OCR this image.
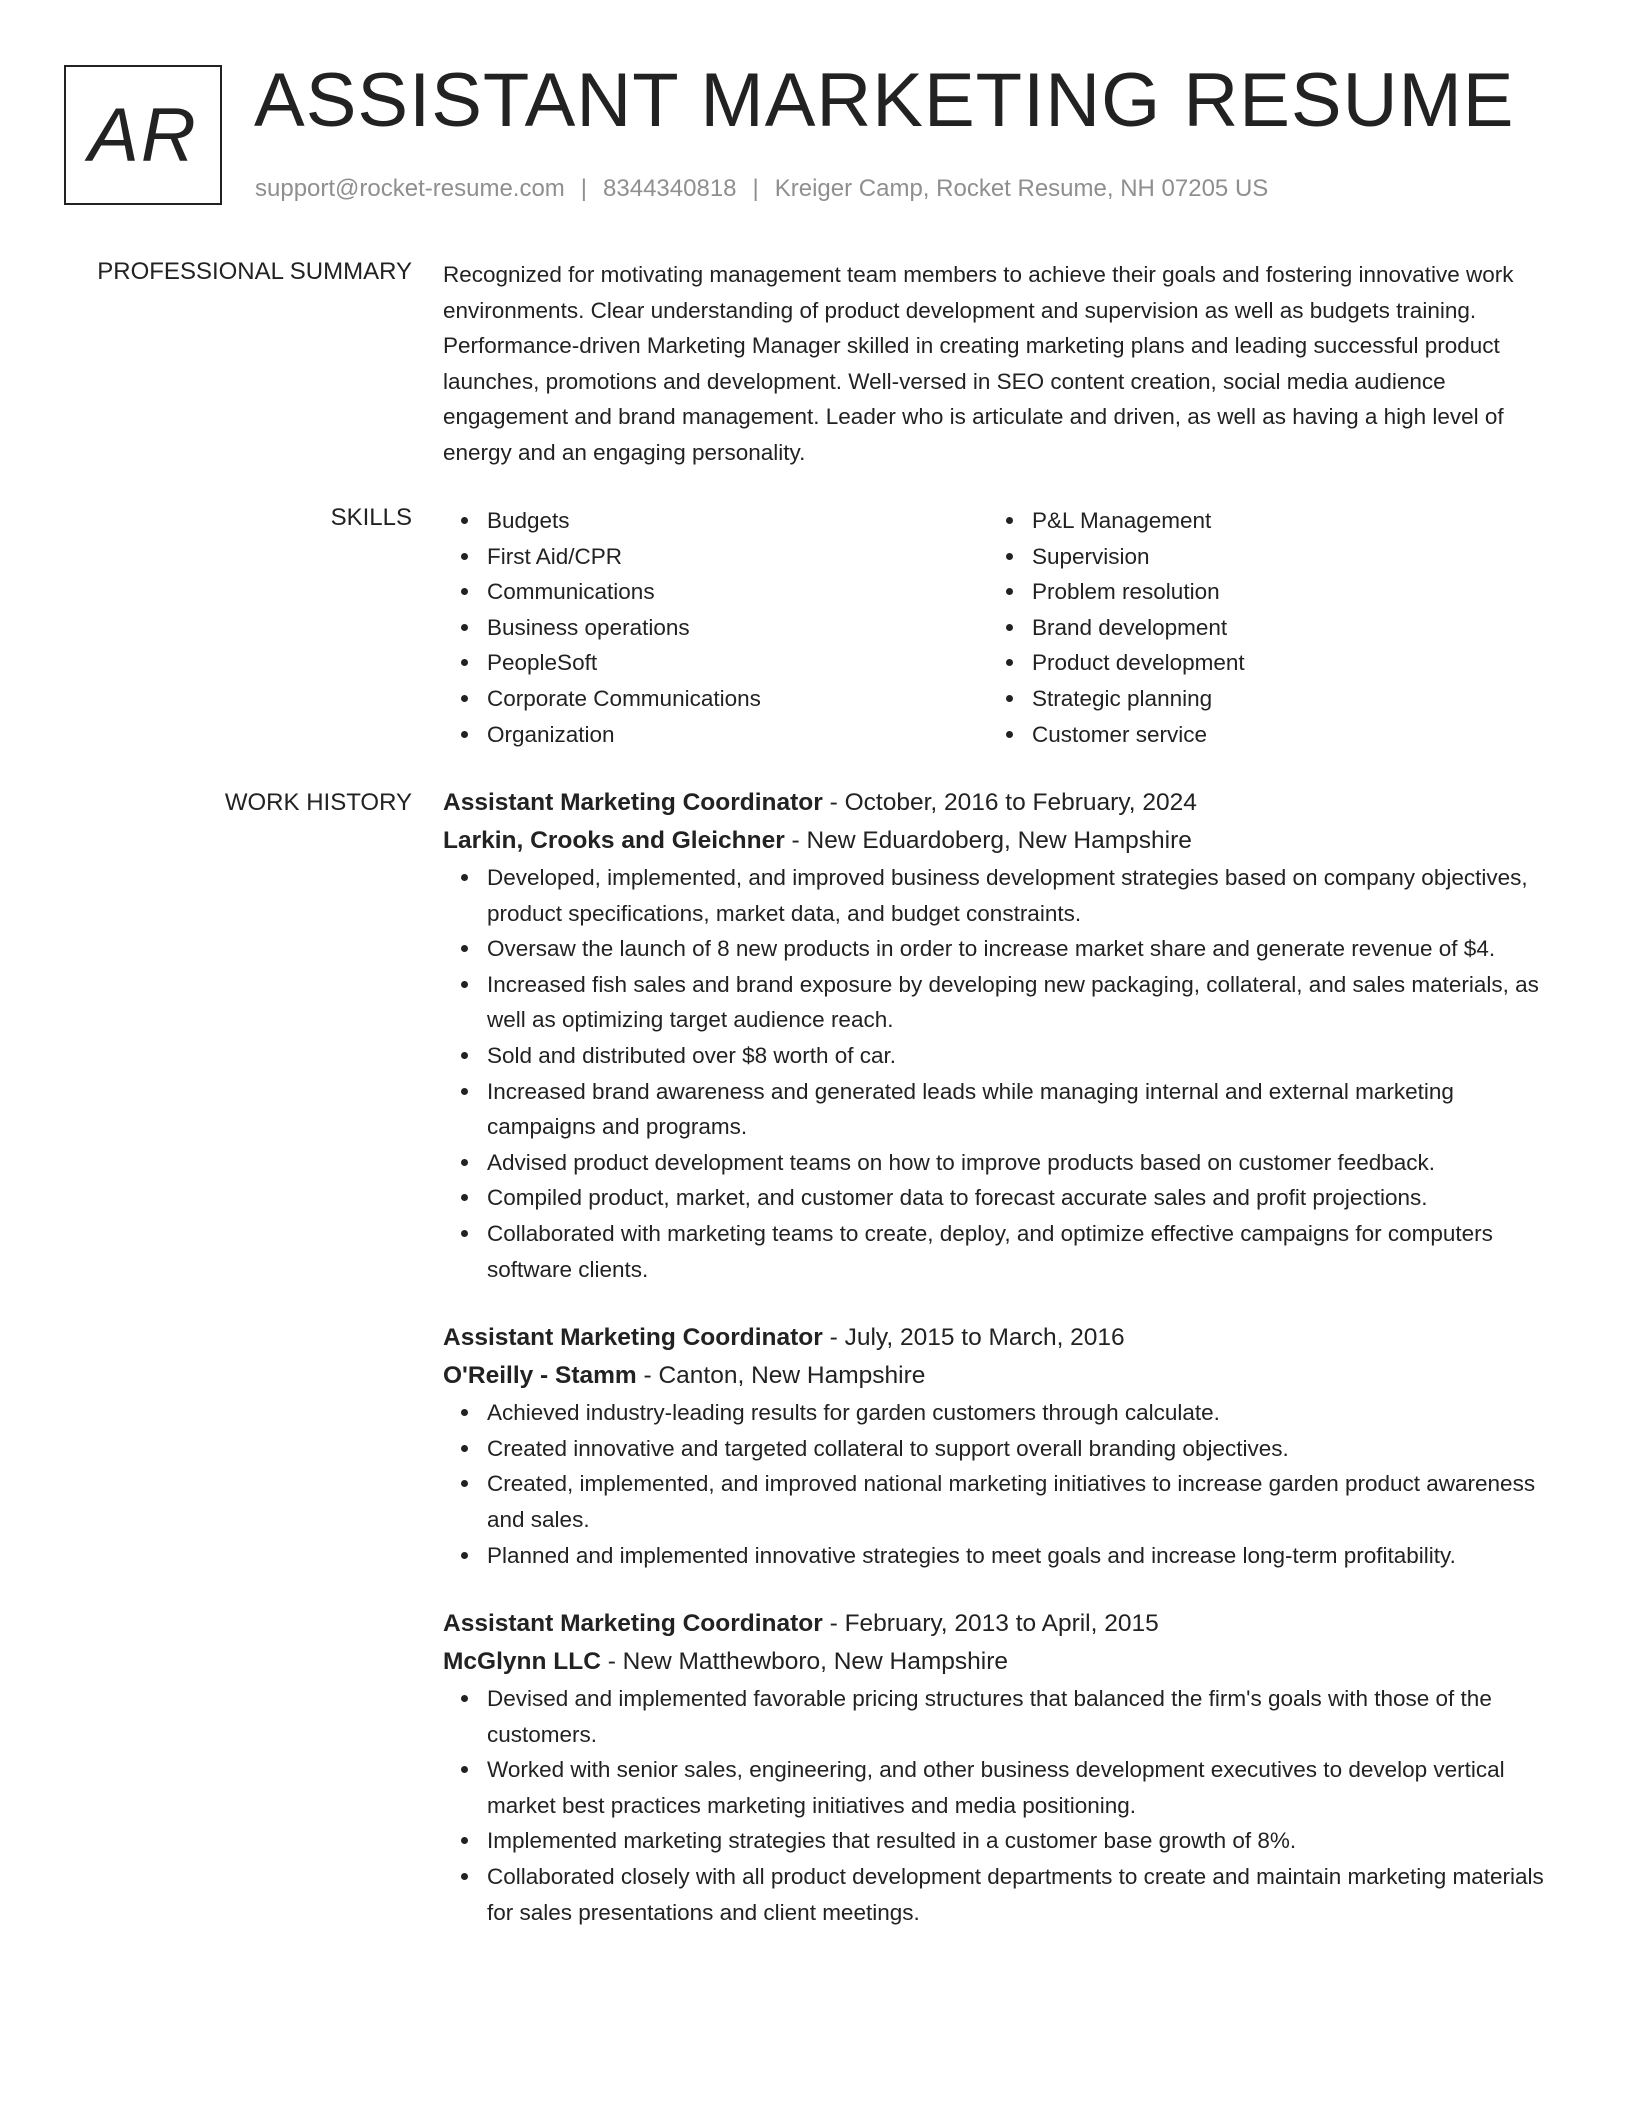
AR ASSISTANT MARKETING RESUME
support@rocket-resume.com | 8344340818 | Kreiger Camp, Rocket Resume, NH 07205 US
PROFESSIONAL SUMMARY Recognized for motivating management team members to achieve their goals and fostering innovative work environments. Clear understanding of product development and supervision as well as budgets training. Performance-driven Marketing Manager skilled in creating marketing plans and leading successful product launches, promotions and development. Well-versed in SEO content creation, social media audience engagement and brand management. Leader who is articulate and driven, as well as having a high level of energy and an engaging personality.
SKILLS	Budgets
First Aid/CPR
Communications
Business operations
PeopleSoft
Corporate Communications
Organization
P&L Management
Supervision
Problem resolution
Brand development
Product development
Strategic planning
Customer service
WORK HISTORY Assistant Marketing Coordinator - October, 2016 to February, 2024
Larkin, Crooks and Gleichner - New Eduardoberg, New Hampshire
Developed, implemented, and improved business development strategies based on company objectives, product specifications, market data, and budget constraints.
Oversaw the launch of 8 new products in order to increase market share and generate revenue of $4.
Increased fish sales and brand exposure by developing new packaging, collateral, and sales materials, as well as optimizing target audience reach.
Sold and distributed over $8 worth of car.
Increased brand awareness and generated leads while managing internal and external marketing campaigns and programs.
Advised product development teams on how to improve products based on customer feedback.
Compiled product, market, and customer data to forecast accurate sales and profit projections.
Collaborated with marketing teams to create, deploy, and optimize effective campaigns for computers software clients.
Assistant Marketing Coordinator - July, 2015 to March, 2016
O'Reilly - Stamm - Canton, New Hampshire
Achieved industry-leading results for garden customers through calculate.
Created innovative and targeted collateral to support overall branding objectives.
Created, implemented, and improved national marketing initiatives to increase garden product awareness and sales.
Planned and implemented innovative strategies to meet goals and increase long-term profitability.
Assistant Marketing Coordinator - February, 2013 to April, 2015
McGlynn LLC - New Matthewboro, New Hampshire
Devised and implemented favorable pricing structures that balanced the firm's goals with those of the customers.
Worked with senior sales, engineering, and other business development executives to develop vertical market best practices marketing initiatives and media positioning.
Implemented marketing strategies that resulted in a customer base growth of 8%.
Collaborated closely with all product development departments to create and maintain marketing materials for sales presentations and client meetings.
